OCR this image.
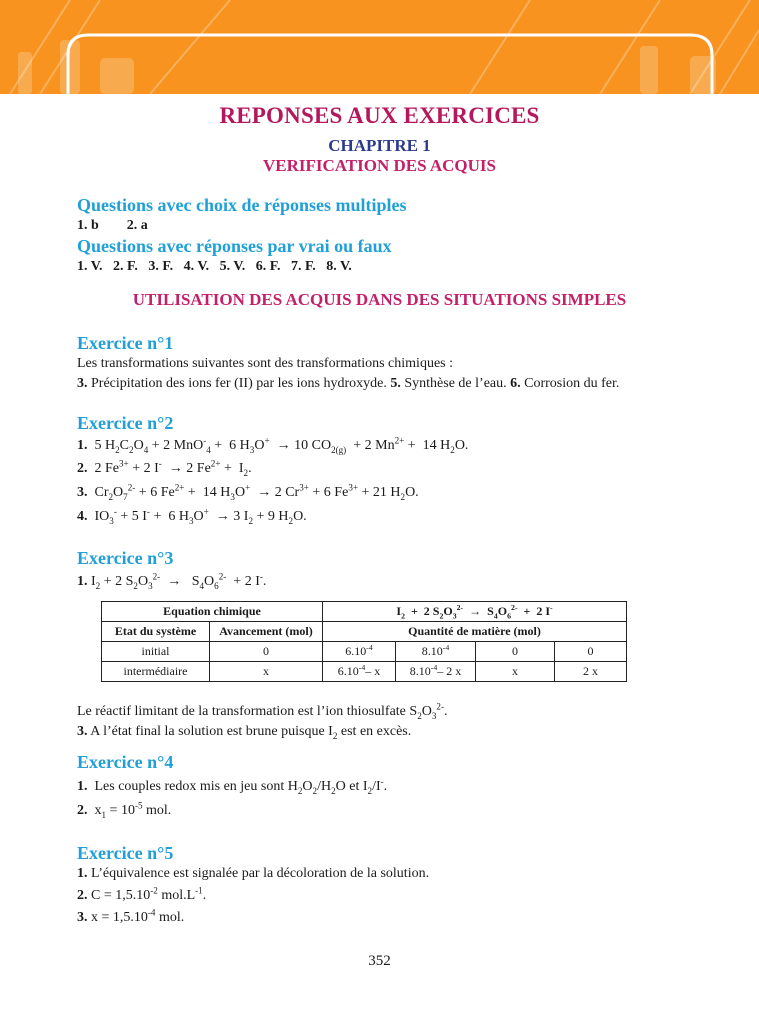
REPONSES AUX EXERCICES
CHAPITRE 1
VERIFICATION DES ACQUIS
Questions avec choix de réponses multiples
1. b        2. a
Questions avec réponses par vrai ou faux
1. V.   2. F.   3. F.   4. V.   5. V.   6. F.   7. F.   8. V.
UTILISATION DES ACQUIS DANS DES SITUATIONS SIMPLES
Exercice n°1
Les transformations suivantes sont des transformations chimiques :
3. Précipitation des ions fer (II) par les ions hydroxyde. 5. Synthèse de l’eau. 6. Corrosion du fer.
Exercice n°2
1.  5 $H_2C_2O_4 + 2$ MnO-$_4$ +  6 $H_3O^+ \to 10$ $CO_{2(g)} + 2$ $Mn^{2+} + 14$ $H_2O$.
2.  2 $Fe^{3+} + 2$ I-  → 2 $Fe^{2+} + I_2$.
3.  $Cr_2O_7^{2-} + 6$ $Fe^{2+} + 14$ $H_3O^+ \to 2$ $Cr^{3+} + 6$ $Fe^{3+} + 21$ $H_2O$.
4.  $IO_3^- + 5$ I- +  6 $H_3O^+ \to 3$ $I_2 + 9$ $H_2O$.
Exercice n°3
1. $I_2 + 2$ $S_2O_3^{2-} \to S_4O_6^{2-} + 2$ I-.
Equation chimique		$I_2 + 2$ $S_2O_3^{2-} \to S_4O_6^{2-} + 2$ I-
Etat du système	Avancement (mol)	Quantité de matière (mol)			
initial	0	$6.10^{-4}$	$8.10^{-4}$	0	0
intermédiaire	x	$6.10^{-4}-$ x	$8.10^{-4}-$ 2 x	x	2 x
Le réactif limitant de la transformation est l’ion thiosulfate $S_2O_3^{2-}$.
3. A l’état final la solution est brune puisque $I_2$ est en excès.
Exercice n°4
1. Les couples redox mis en jeu sont $H_2O_2/H_2O$ et $I_2/I^-$.
2. $x_1 = 10^{-5}$ mol.
Exercice n°5
1. L’équivalence est signalée par la décoloration de la solution.
2. $C = 1,5.10^{-2}$ $mol.L^{-1}$.
3. $x = 1,5.10^{-4}$ mol.
352
